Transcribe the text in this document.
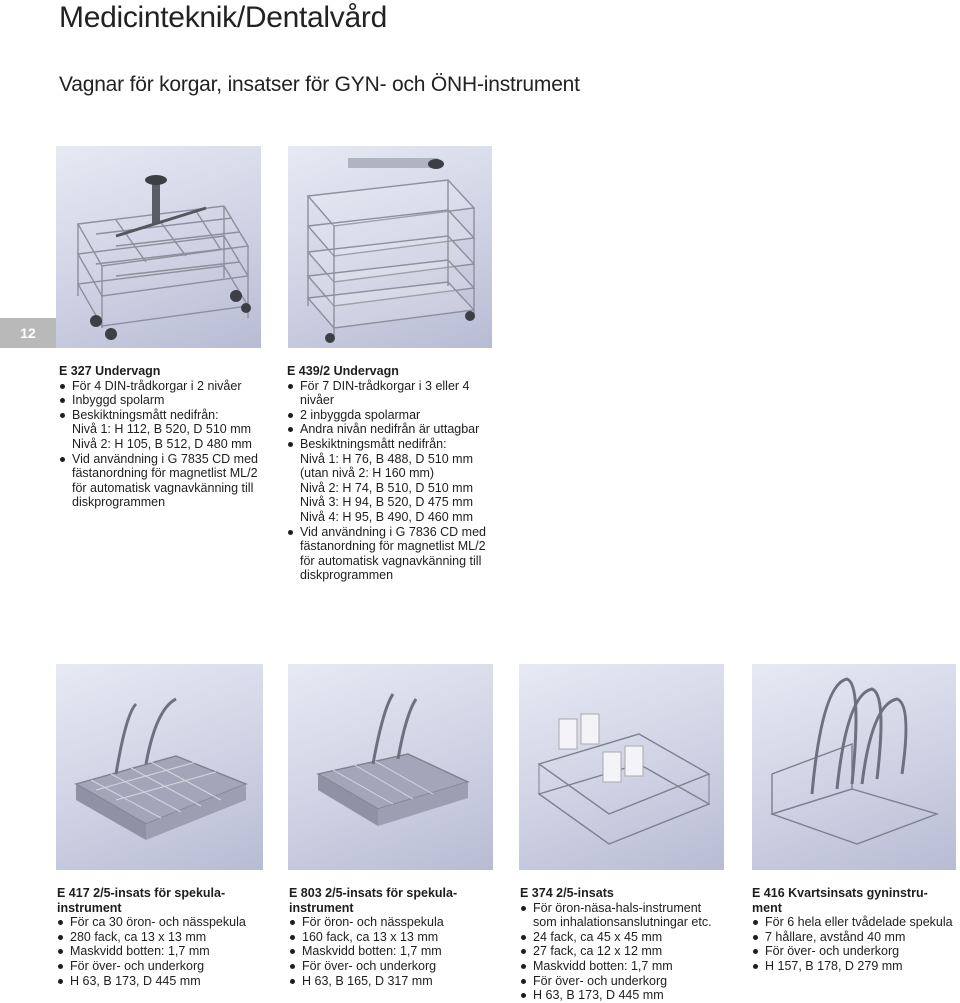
Medicinteknik/Dentalvård
Vagnar för korgar, insatser för GYN- och ÖNH-instrument
12
E 327 Undervagn
För 4 DIN-trådkorgar i 2 nivåer
Inbyggd spolarm
Beskiktningsmått nedifrån:
Nivå 1: H 112, B 520, D 510 mm
Nivå 2: H 105, B 512, D 480 mm
Vid användning i G 7835 CD med
fästanordning för magnetlist ML/2
för automatisk vagnavkänning till
diskprogrammen
E 439/2 Undervagn
För 7 DIN-trådkorgar i 3 eller 4
nivåer
2 inbyggda spolarmar
Andra nivån nedifrån är uttagbar
Beskiktningsmått nedifrån:
Nivå 1: H 76, B 488, D 510 mm
(utan nivå 2: H 160 mm)
Nivå 2: H 74, B 510, D 510 mm
Nivå 3: H 94, B 520, D 475 mm
Nivå 4: H 95, B 490, D 460 mm
Vid användning i G 7836 CD med
fästanordning för magnetlist ML/2
för automatisk vagnavkänning till
diskprogrammen
E 417 2/5-insats för spekula-
instrument
För ca 30 öron- och nässpekula
280 fack, ca 13 x 13 mm
Maskvidd botten: 1,7 mm
För över- och underkorg
H 63, B 173, D 445 mm
E 803 2/5-insats för spekula-
instrument
För öron- och nässpekula
160 fack, ca 13 x 13 mm
Maskvidd botten: 1,7 mm
För över- och underkorg
H 63, B 165, D 317 mm
E 374 2/5-insats
För öron-näsa-hals-instrument
som inhalationsanslutningar etc.
24 fack, ca 45 x 45 mm
27 fack, ca 12 x 12 mm
Maskvidd botten: 1,7 mm
För över- och underkorg
H 63, B 173, D 445 mm
E 416 Kvartsinsats gyninstru-
ment
För 6 hela eller tvådelade spekula
7 hållare, avstånd 40 mm
För över- och underkorg
H 157, B 178, D 279 mm
